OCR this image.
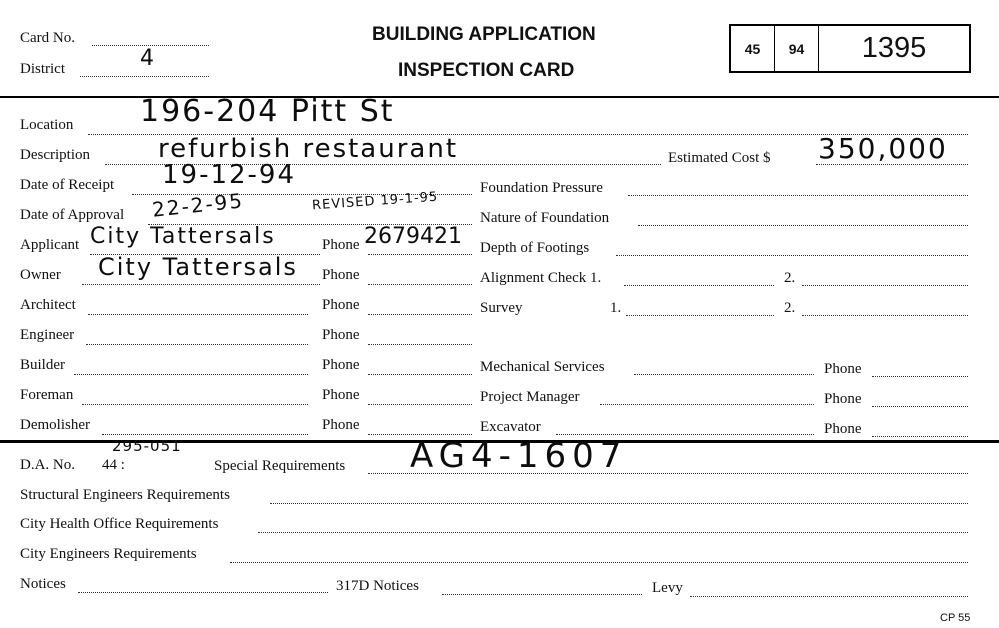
Card No.
District	4
BUILDING APPLICATION
INSPECTION CARD
45	94	1395
Location 196-204 Pitt St
Description	refurbish restaurant	Estimated Cost $ 350,000
Date of Receipt 19-12-94
Date of Approval 22-2-95	REVISED 19-1-95
Applicant City Tattersals	Phone 2679421
Owner City Tattersals Phone
Architect	Phone
Engineer	Phone
Builder	Phone
Foreman	Phone
Demolisher	Phone
Foundation Pressure
Nature of Foundation
Depth of Footings
Alignment Check 1.	2.
Survey	1.	2.
Mechanical Services	Phone
Project Manager	Phone
Excavator	Phone
D.A. No. 44 :
295-051
Special Requirements AG4-1607
Structural Engineers Requirements
City Health Office Requirements
City Engineers Requirements
Notices	317D Notices	Levy
CP 55
